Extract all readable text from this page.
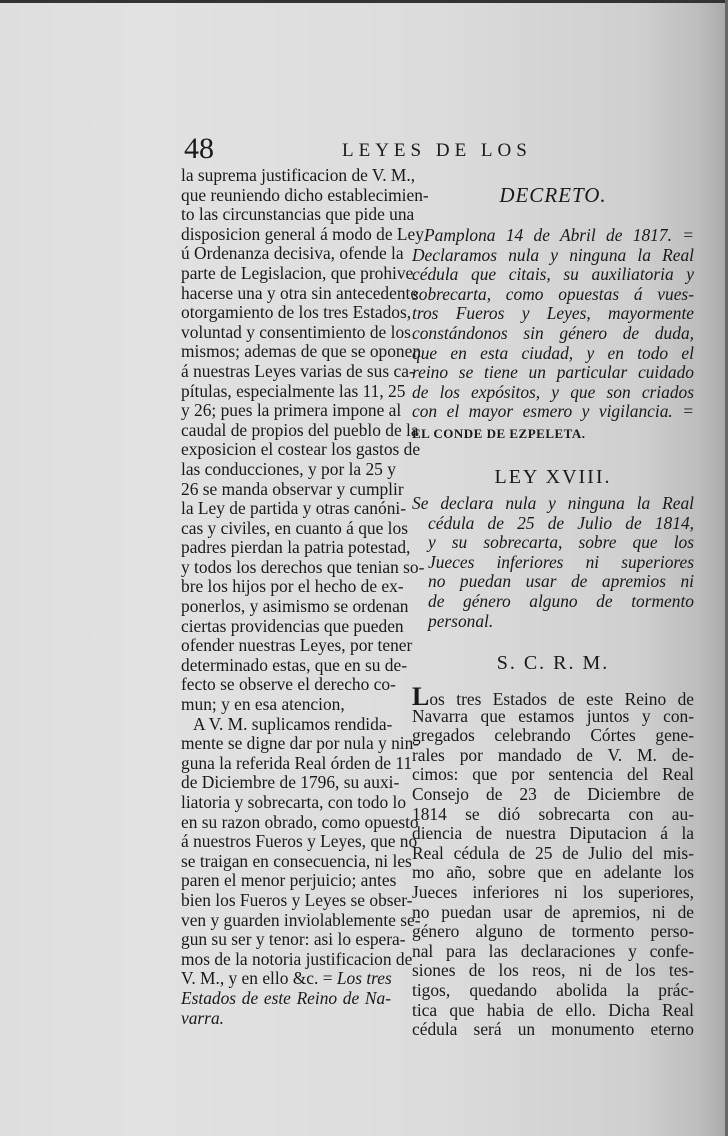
48	LEYES DE LOS
la suprema justificacion de V. M.,
que reuniendo dicho establecimien-
to las circunstancias que pide una
disposicion general á modo de Ley
ú Ordenanza decisiva, ofende la
parte de Legislacion, que prohive
hacerse una y otra sin antecedente
otorgamiento de los tres Estados,
voluntad y consentimiento de los
mismos; ademas de que se oponen
á nuestras Leyes varias de sus ca-
pítulas, especialmente las 11, 25
y 26; pues la primera impone al
caudal de propios del pueblo de la
exposicion el costear los gastos de
las conducciones, y por la 25 y
26 se manda observar y cumplir
la Ley de partida y otras canóni-
cas y civiles, en cuanto á que los
padres pierdan la patria potestad,
y todos los derechos que tenian so-
bre los hijos por el hecho de ex-
ponerlos, y asimismo se ordenan
ciertas providencias que pueden
ofender nuestras Leyes, por tener
determinado estas, que en su de-
fecto se observe el derecho co-
mun; y en esa atencion,
A V. M. suplicamos rendida-
mente se digne dar por nula y nin-
guna la referida Real órden de 11
de Diciembre de 1796, su auxi-
liatoria y sobrecarta, con todo lo
en su razon obrado, como opuesto
á nuestros Fueros y Leyes, que no
se traigan en consecuencia, ni les
paren el menor perjuicio; antes
bien los Fueros y Leyes se obser-
ven y guarden inviolablemente se-
gun su ser y tenor: asi lo espera-
mos de la notoria justificacion de
V. M., y en ello &c. = Los tres
Estados de este Reino de Na-
varra.
DECRETO.
Pamplona 14 de Abril de 1817. =
Declaramos nula y ninguna la Real
cédula que citais, su auxiliatoria y
sobrecarta, como opuestas á vues-
tros Fueros y Leyes, mayormente
constándonos sin género de duda,
que en esta ciudad, y en todo el
reino se tiene un particular cuidado
de los expósitos, y que son criados
con el mayor esmero y vigilancia. =
EL CONDE DE EZPELETA.
LEY XVIII.
Se declara nula y ninguna la Real
cédula de 25 de Julio de 1814,
y su sobrecarta, sobre que los
Jueces inferiores ni superiores
no puedan usar de apremios ni
de género alguno de tormento
personal.
S. C. R. M.
Los tres Estados de este Reino de
Navarra que estamos juntos y con-
gregados celebrando Córtes gene-
rales por mandado de V. M. de-
cimos: que por sentencia del Real
Consejo de 23 de Diciembre de
1814 se dió sobrecarta con au-
diencia de nuestra Diputacion á la
Real cédula de 25 de Julio del mis-
mo año, sobre que en adelante los
Jueces inferiores ni los superiores,
no puedan usar de apremios, ni de
género alguno de tormento perso-
nal para las declaraciones y confe-
siones de los reos, ni de los tes-
tigos, quedando abolida la prác-
tica que habia de ello. Dicha Real
cédula será un monumento eterno
